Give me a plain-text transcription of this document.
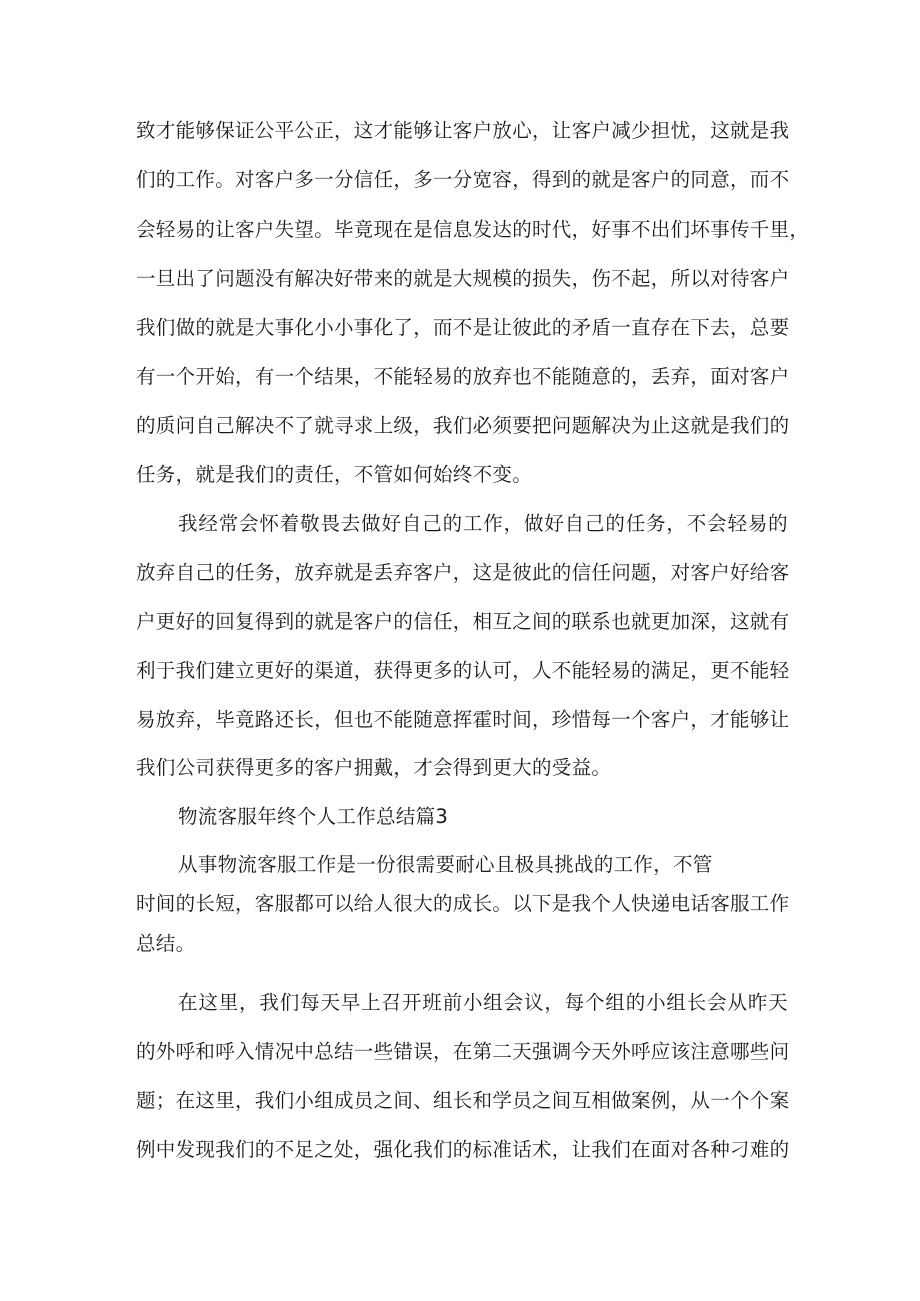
致才能够保证公平公正，这才能够让客户放心，让客户减少担忧，这就是我
们的工作。对客户多一分信任，多一分宽容，得到的就是客户的同意，而不
会轻易的让客户失望。毕竟现在是信息发达的时代，好事不出们坏事传千里，
一旦出了问题没有解决好带来的就是大规模的损失，伤不起，所以对待客户
我们做的就是大事化小小事化了，而不是让彼此的矛盾一直存在下去，总要
有一个开始，有一个结果，不能轻易的放弃也不能随意的，丢弃，面对客户
的质问自己解决不了就寻求上级，我们必须要把问题解决为止这就是我们的
任务，就是我们的责任，不管如何始终不变。
我经常会怀着敬畏去做好自己的工作，做好自己的任务，不会轻易的
放弃自己的任务，放弃就是丢弃客户，这是彼此的信任问题，对客户好给客
户更好的回复得到的就是客户的信任，相互之间的联系也就更加深，这就有
利于我们建立更好的渠道，获得更多的认可，人不能轻易的满足，更不能轻
易放弃，毕竟路还长，但也不能随意挥霍时间，珍惜每一个客户，才能够让
我们公司获得更多的客户拥戴，才会得到更大的受益。
物流客服年终个人工作总结篇3
从事物流客服工作是一份很需要耐心且极具挑战的工作，不管
时间的长短，客服都可以给人很大的成长。以下是我个人快递电话客服工作
总结。
在这里，我们每天早上召开班前小组会议，每个组的小组长会从昨天
的外呼和呼入情况中总结一些错误，在第二天强调今天外呼应该注意哪些问
题；在这里，我们小组成员之间、组长和学员之间互相做案例，从一个个案
例中发现我们的不足之处，强化我们的标准话术，让我们在面对各种刁难的
